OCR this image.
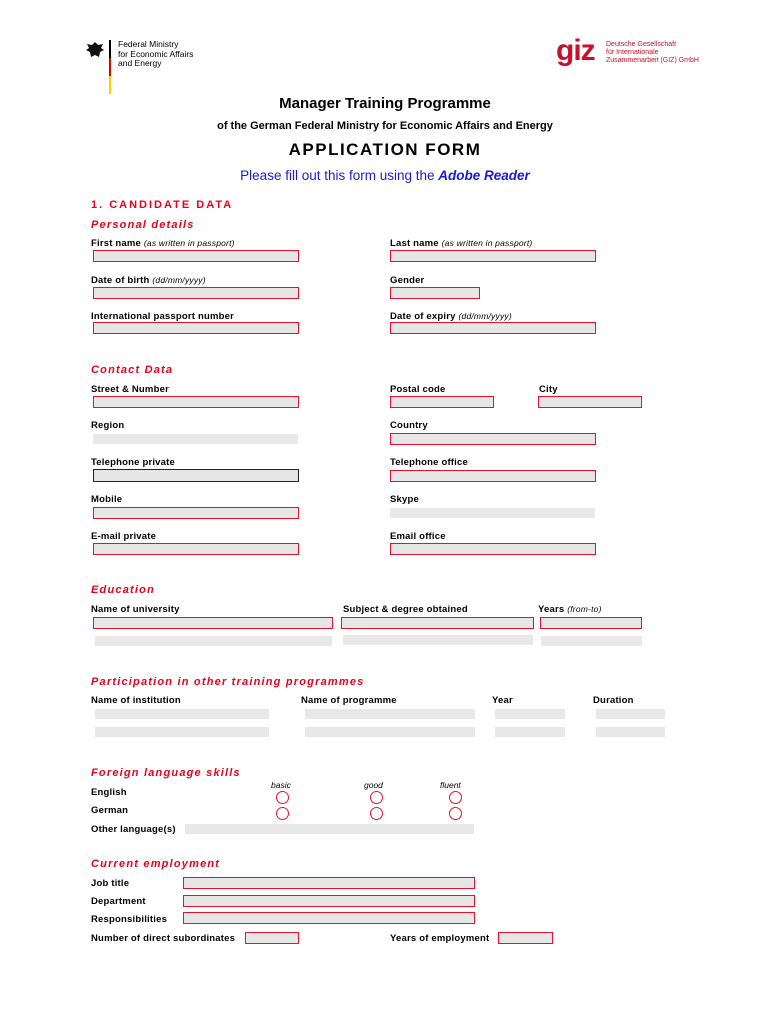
Federal Ministry
for Economic Affairs
and Energy	giz Deutsche Gesellschaft
für Internationale
Zusammenarbeit (GIZ) GmbH
Manager Training Programme
of the German Federal Ministry for Economic Affairs and Energy
APPLICATION FORM
Please fill out this form using the Adobe Reader
1. CANDIDATE DATA
Personal details
First name (as written in passport)	Last name (as written in passport)
Date of birth (dd/mm/yyyy)	Gender
International passport number	Date of expiry (dd/mm/yyyy)
Contact Data
Street & Number	Postal code	City
Region	Country
Telephone private	Telephone office
Mobile	Skype
E-mail private	Email office
Education
Name of university	Subject & degree obtained	Years (from-to)
Participation in other training programmes
Name of institution	Name of programme	Year	Duration
Foreign language skills
basic	good	fluent
English
German
Other language(s)
Current employment
Job title
Department
Responsibilities
Number of direct subordinates	Years of employment
